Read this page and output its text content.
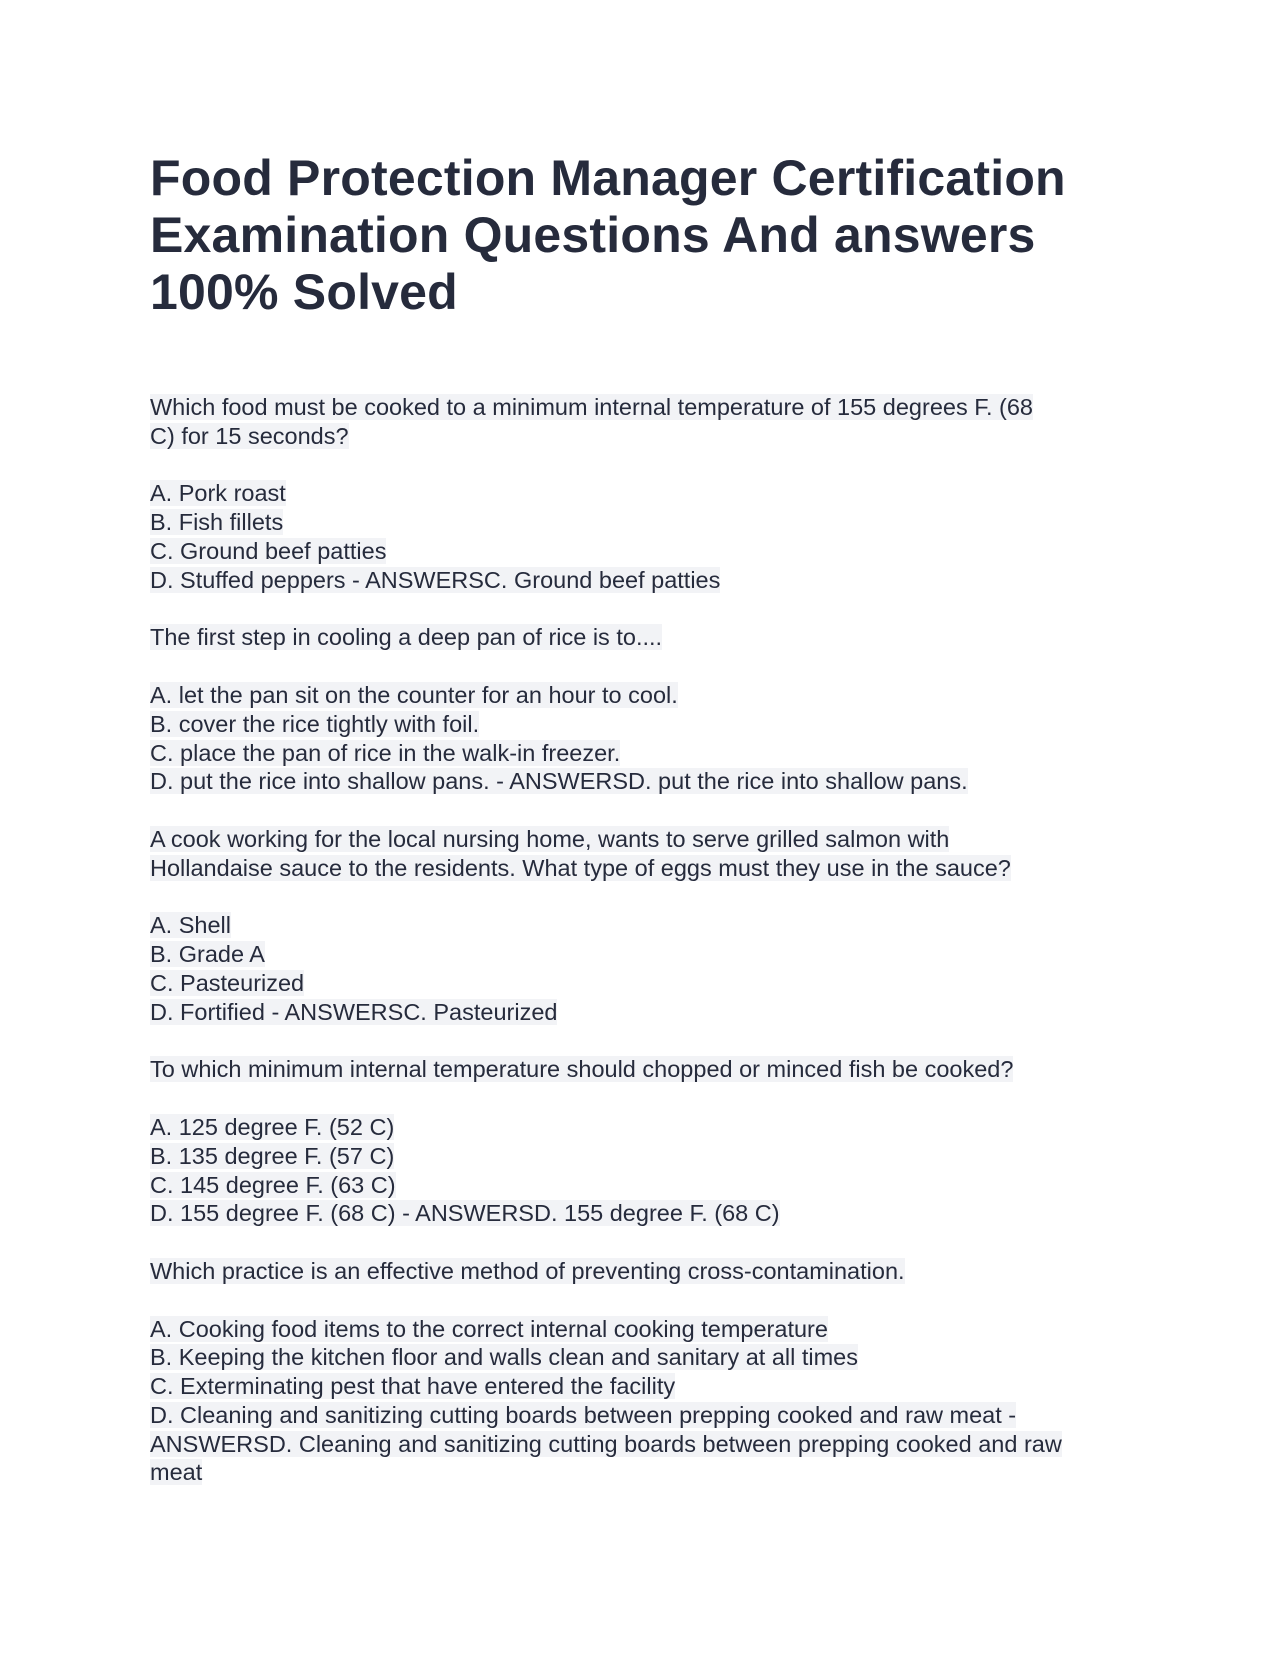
Food Protection Manager Certification
Examination Questions And answers
100% Solved
Which food must be cooked to a minimum internal temperature of 155 degrees F. (68
C) for 15 seconds?
A. Pork roast
B. Fish fillets
C. Ground beef patties
D. Stuffed peppers - ANSWERSC. Ground beef patties
The first step in cooling a deep pan of rice is to....
A. let the pan sit on the counter for an hour to cool.
B. cover the rice tightly with foil.
C. place the pan of rice in the walk-in freezer.
D. put the rice into shallow pans. - ANSWERSD. put the rice into shallow pans.
A cook working for the local nursing home, wants to serve grilled salmon with
Hollandaise sauce to the residents. What type of eggs must they use in the sauce?
A. Shell
B. Grade A
C. Pasteurized
D. Fortified - ANSWERSC. Pasteurized
To which minimum internal temperature should chopped or minced fish be cooked?
A. 125 degree F. (52 C)
B. 135 degree F. (57 C)
C. 145 degree F. (63 C)
D. 155 degree F. (68 C) - ANSWERSD. 155 degree F. (68 C)
Which practice is an effective method of preventing cross-contamination.
A. Cooking food items to the correct internal cooking temperature
B. Keeping the kitchen floor and walls clean and sanitary at all times
C. Exterminating pest that have entered the facility
D. Cleaning and sanitizing cutting boards between prepping cooked and raw meat -
ANSWERSD. Cleaning and sanitizing cutting boards between prepping cooked and raw
meat
